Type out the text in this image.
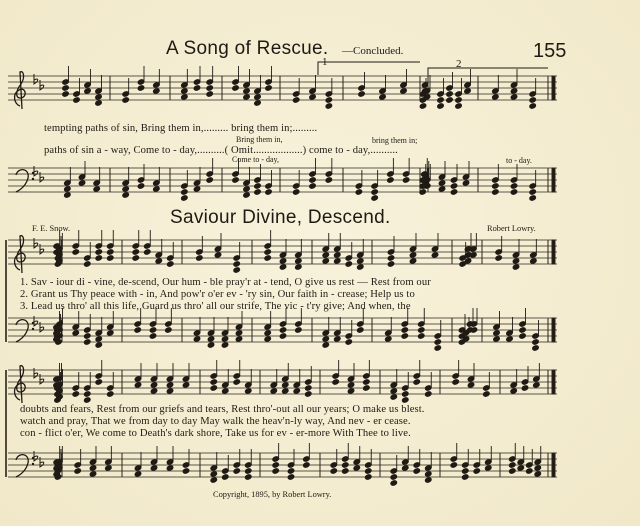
A Song of Rescue. —Concluded.	155
1	2
tempting paths of sin, Bring them in,......... bring them in;.........
Bring them in,	bring them in;
paths of sin a - way, Come to - day,..........( Omit..................) come to - day,..........
Come to - day,	to - day.
Saviour Divine, Descend.
F. E. Snow.	Robert Lowry.
1. Sav - iour di - vine, de-scend, Our hum - ble pray'r at - tend, O give us rest — Rest from our
2. Grant us Thy peace with - in, And pow'r o'er ev - 'ry sin, Our faith in - crease; Help us to
3. Lead us thro' all this life, Guard us thro' all our strife, The vic - t'ry give; And when, the
doubts and fears, Rest from our griefs and tears, Rest thro'-out all our years; O make us blest.
watch and pray, That we from day to day May walk the heav'n-ly way, And nev - er cease.
con - flict o'er, We come to Death's dark shore, Take us for ev - er-more With Thee to live.
Copyright, 1895, by Robert Lowry.
